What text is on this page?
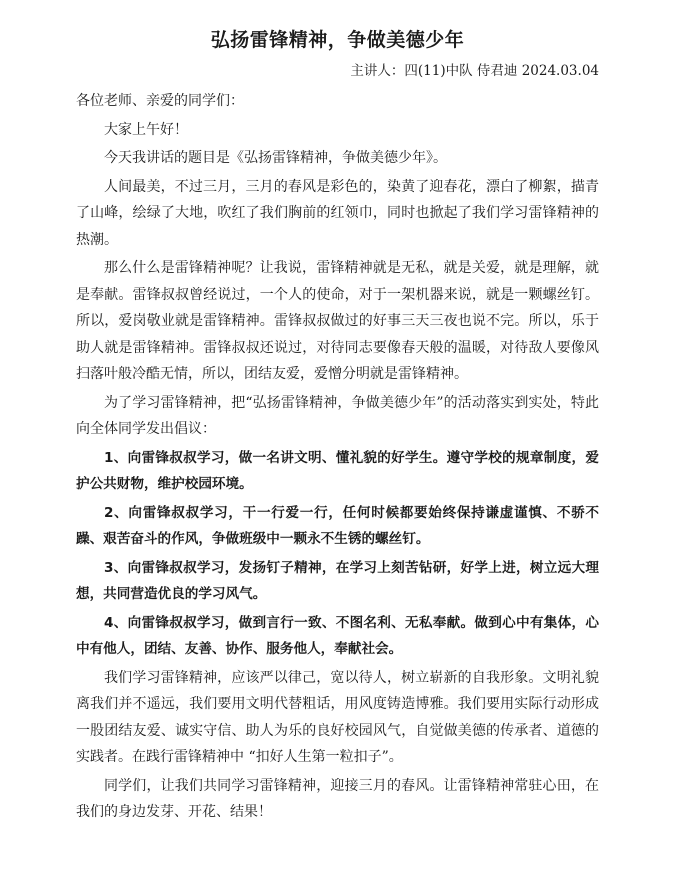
弘扬雷锋精神，争做美德少年
主讲人：四(11)中队 侍君迪 2024.03.04

各位老师、亲爱的同学们：

大家上午好！

今天我讲话的题目是《弘扬雷锋精神，争做美德少年》。

人间最美，不过三月，三月的春风是彩色的，染黄了迎春花，漂白了柳絮，描青了山峰，绘绿了大地，吹红了我们胸前的红领巾，同时也掀起了我们学习雷锋精神的热潮。

那么什么是雷锋精神呢？让我说，雷锋精神就是无私，就是关爱，就是理解，就是奉献。雷锋叔叔曾经说过，一个人的使命，对于一架机器来说，就是一颗螺丝钉。所以，爱岗敬业就是雷锋精神。雷锋叔叔做过的好事三天三夜也说不完。所以，乐于助人就是雷锋精神。雷锋叔叔还说过，对待同志要像春天般的温暖，对待敌人要像风扫落叶般冷酷无情，所以，团结友爱，爱憎分明就是雷锋精神。

为了学习雷锋精神，把“弘扬雷锋精神，争做美德少年”的活动落实到实处，特此向全体同学发出倡议：

1、向雷锋叔叔学习，做一名讲文明、懂礼貌的好学生。遵守学校的规章制度，爱护公共财物，维护校园环境。

2、向雷锋叔叔学习，干一行爱一行，任何时候都要始终保持谦虚谨慎、不骄不躁、艰苦奋斗的作风，争做班级中一颗永不生锈的螺丝钉。

3、向雷锋叔叔学习，发扬钉子精神，在学习上刻苦钻研，好学上进，树立远大理想，共同营造优良的学习风气。

4、向雷锋叔叔学习，做到言行一致、不图名利、无私奉献。做到心中有集体，心中有他人，团结、友善、协作、服务他人，奉献社会。

我们学习雷锋精神，应该严以律己，宽以待人，树立崭新的自我形象。文明礼貌离我们并不遥远，我们要用文明代替粗话，用风度铸造博雅。我们要用实际行动形成一股团结友爱、诚实守信、助人为乐的良好校园风气，自觉做美德的传承者、道德的实践者。在践行雷锋精神中 “扣好人生第一粒扣子”。

同学们，让我们共同学习雷锋精神，迎接三月的春风。让雷锋精神常驻心田，在我们的身边发芽、开花、结果！
